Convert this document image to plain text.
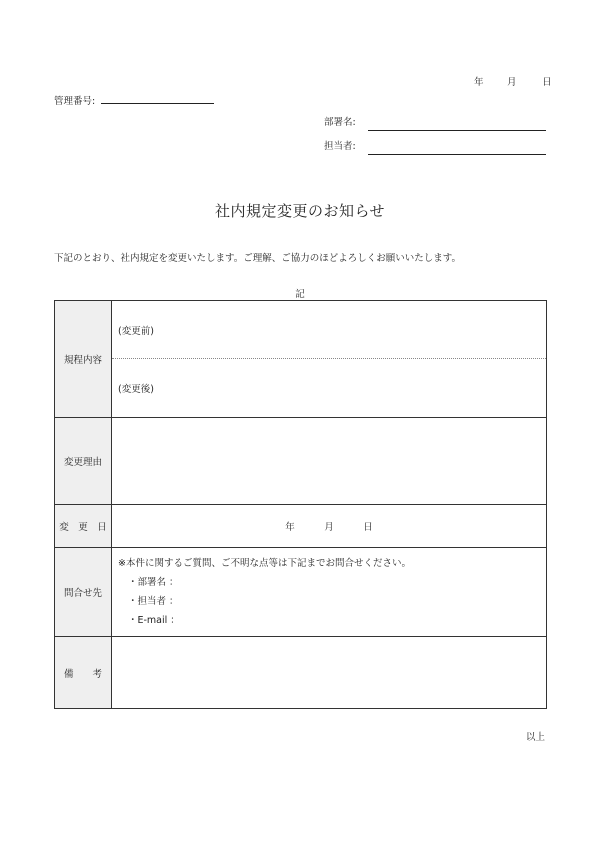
年 月	日
管理番号:
部署名:
担当者:
社内規定変更のお知らせ
下記のとおり、社内規定を変更いたします。ご理解、ご協力のほどよろしくお願いいたします。
記
規程内容	(変更前)
(変更後)

変更理由	
変　更　日	年 月 日
問合せ先	※本件に関するご質問、ご不明な点等は下記までお問合せください。
・部署名 ：
・担当者 ：
・E-mail ：

備　　考	
以上
